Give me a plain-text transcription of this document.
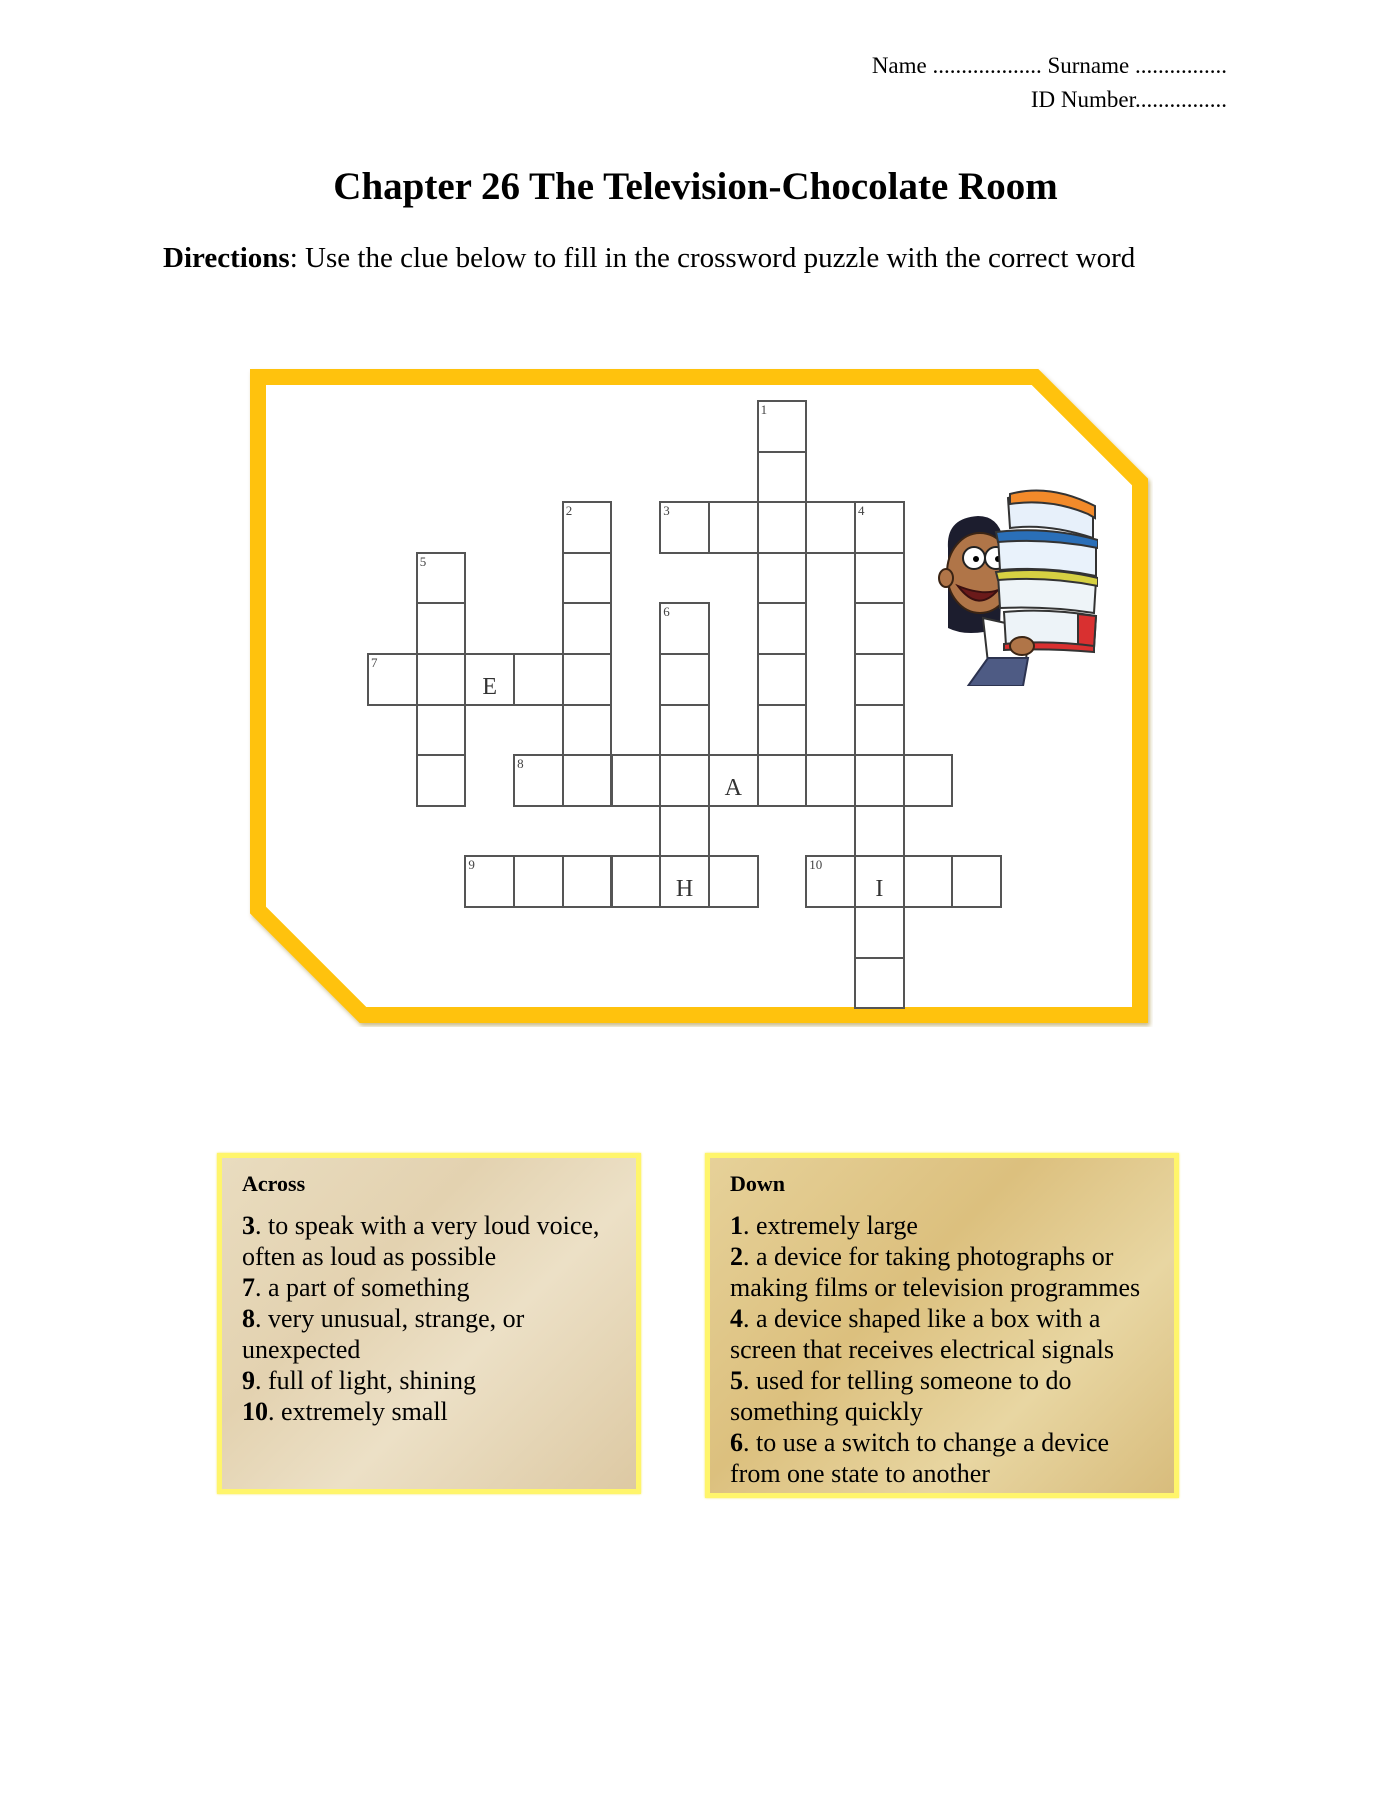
Name ................... Surname ................
ID Number................
Chapter 26 The Television-Chocolate Room
Directions: Use the clue below to fill in the crossword puzzle with the correct word
1
2	3	4
I
5
6
H
7
E
8
A
9	10
Across
3. to speak with a very loud voice, often as loud as possible
7. a part of something
8. very unusual, strange, or unexpected
9. full of light, shining
10. extremely small
Down
1. extremely large
2. a device for taking photographs or making films or television programmes
4. a device shaped like a box with a screen that receives electrical signals
5. used for telling someone to do something quickly
6. to use a switch to change a device from one state to another
